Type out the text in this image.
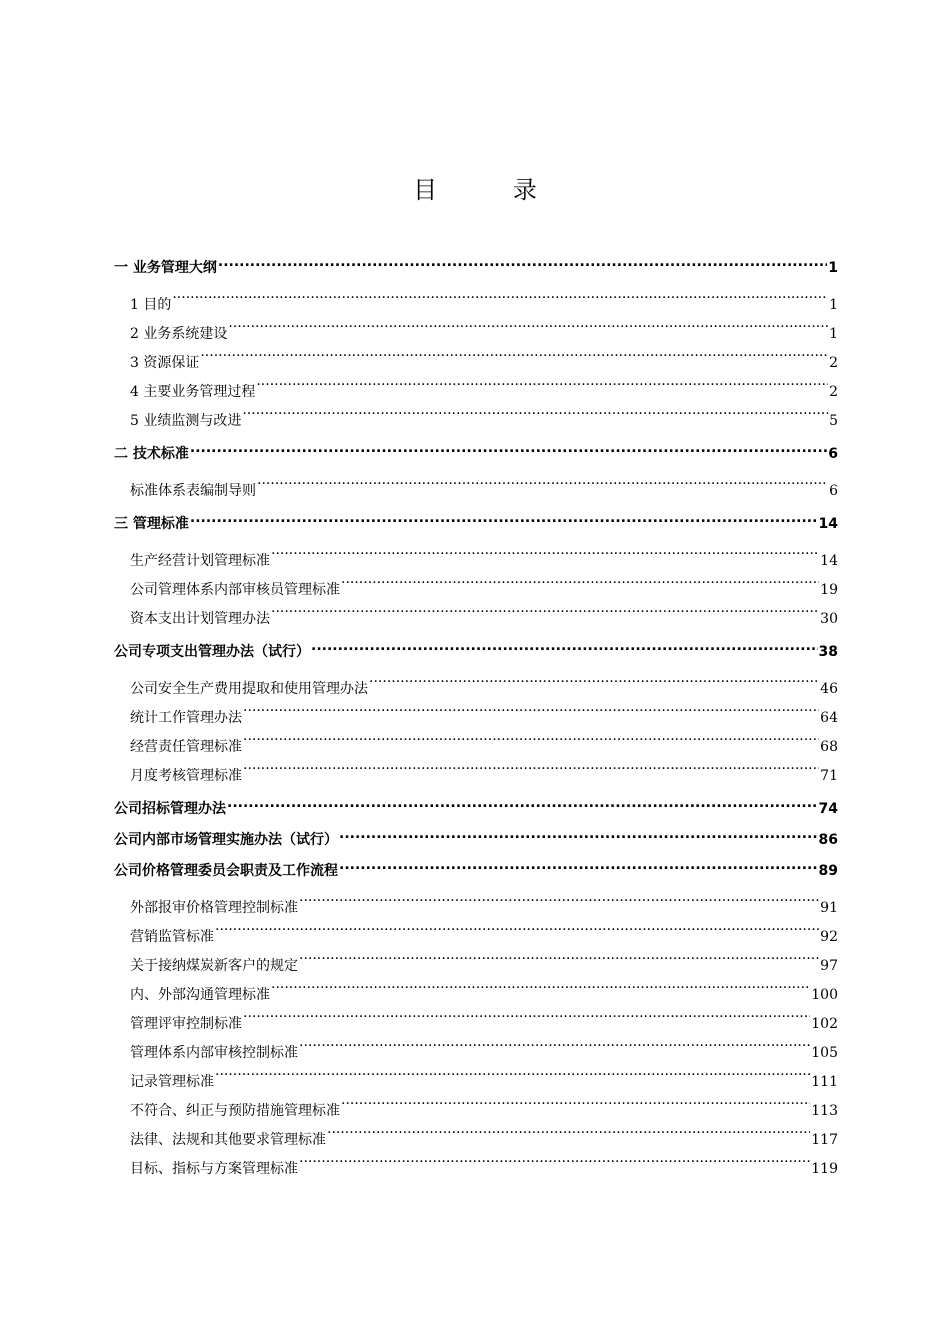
目	录
一 业务管理大纲 .....	1
1 目的 .....	1
2 业务系统建设 .....	1
3 资源保证 .....	2
4 主要业务管理过程 .....	2
5 业绩监测与改进 .....	5
二 技术标准 .....	6
标准体系表编制导则 .....	6
三 管理标准 .....	14
生产经营计划管理标准 .....	14
公司管理体系内部审核员管理标准 .....	19
资本支出计划管理办法 .....	30
公司专项支出管理办法（试行） .....	38
公司安全生产费用提取和使用管理办法 .....	46
统计工作管理办法 .....	64
经营责任管理标准 .....	68
月度考核管理标准 .....	71
公司招标管理办法 .....	74
公司内部市场管理实施办法（试行） .....	86
公司价格管理委员会职责及工作流程 .....	89
外部报审价格管理控制标准 .....	91
营销监管标准 .....	92
关于接纳煤炭新客户的规定 .....	97
内、外部沟通管理标准 .....	100
管理评审控制标准 .....	102
管理体系内部审核控制标准 .....	105
记录管理标准 .....	111
不符合、纠正与预防措施管理标准 .....	113
法律、法规和其他要求管理标准 .....	117
目标、指标与方案管理标准 .....	119
